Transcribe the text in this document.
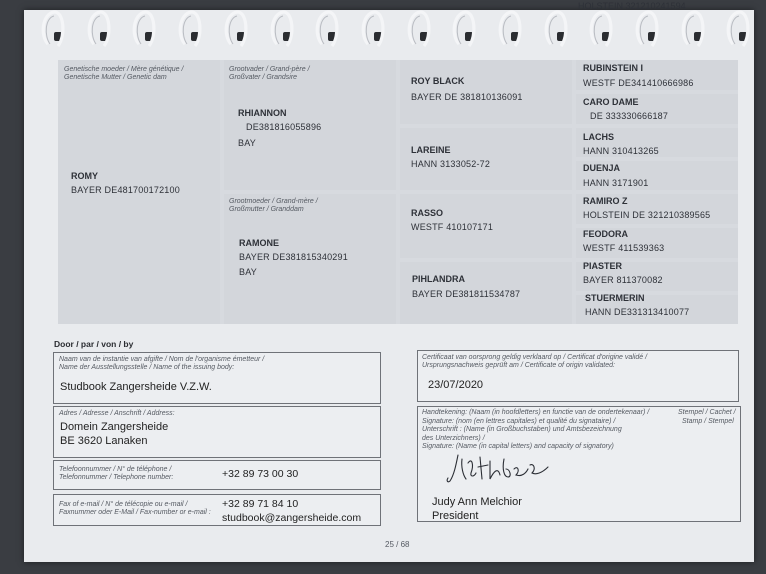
HOLSTEIN 321210241594
Genetische moeder / Mère génétique /
Genetische Mutter / Genetic dam
Grootvader / Grand-père /
Großvater / Grandsire
Grootmoeder / Grand-mère /
Großmutter / Granddam
ROMY
BAYER DE481700172100
RHIANNON
DE381816055896
BAY
RAMONE
BAYER DE381815340291
BAY
ROY BLACK
BAYER DE 381810136091
LAREINE
HANN 3133052-72
RASSO
WESTF 410107171
PIHLANDRA
BAYER DE381811534787
RUBINSTEIN I
WESTF DE341410666986
CARO DAME
DE 333330666187
LACHS
HANN 310413265
DUENJA
HANN 3171901
RAMIRO Z
HOLSTEIN DE 321210389565
FEODORA
WESTF 411539363
PIASTER
BAYER 811370082
STUERMERIN
HANN DE331313410077
Door / par / von / by
Naam van de instantie van afgifte / Nom de l'organisme émetteur /
Name der Ausstellungsstelle / Name of the issuing body:
Studbook Zangersheide V.Z.W.
Adres / Adresse / Anschrift / Address:
Domein Zangersheide
BE 3620 Lanaken
Telefoonnummer / N° de téléphone /
Telefonnummer / Telephone number:	+32 89 73 00 30
Fax of e-mail / N° de télécopie ou e-mail /
Faxnummer oder E-Mail / Fax-number or e-mail :
+32 89 71 84 10
studbook@zangersheide.com
Certificaat van oorsprong geldig verklaard op / Certificat d'origine validé /
Ursprungsnachweis geprüft am / Certificate of origin validated:
23/07/2020
Handtekening: (Naam (in hoofdletters) en functie van de ondertekenaar) /
Signature: (nom (en lettres capitales) et qualité du signataire) /
Unterschrift : (Name (in Großbuchstaben) und Amtsbezeichnung
des Unterzichners) /
Signature: (Name (in capital letters) and capacity of signatory)
Stempel / Cachet /
Stamp / Stempel
Judy Ann Melchior
President
25 / 68
